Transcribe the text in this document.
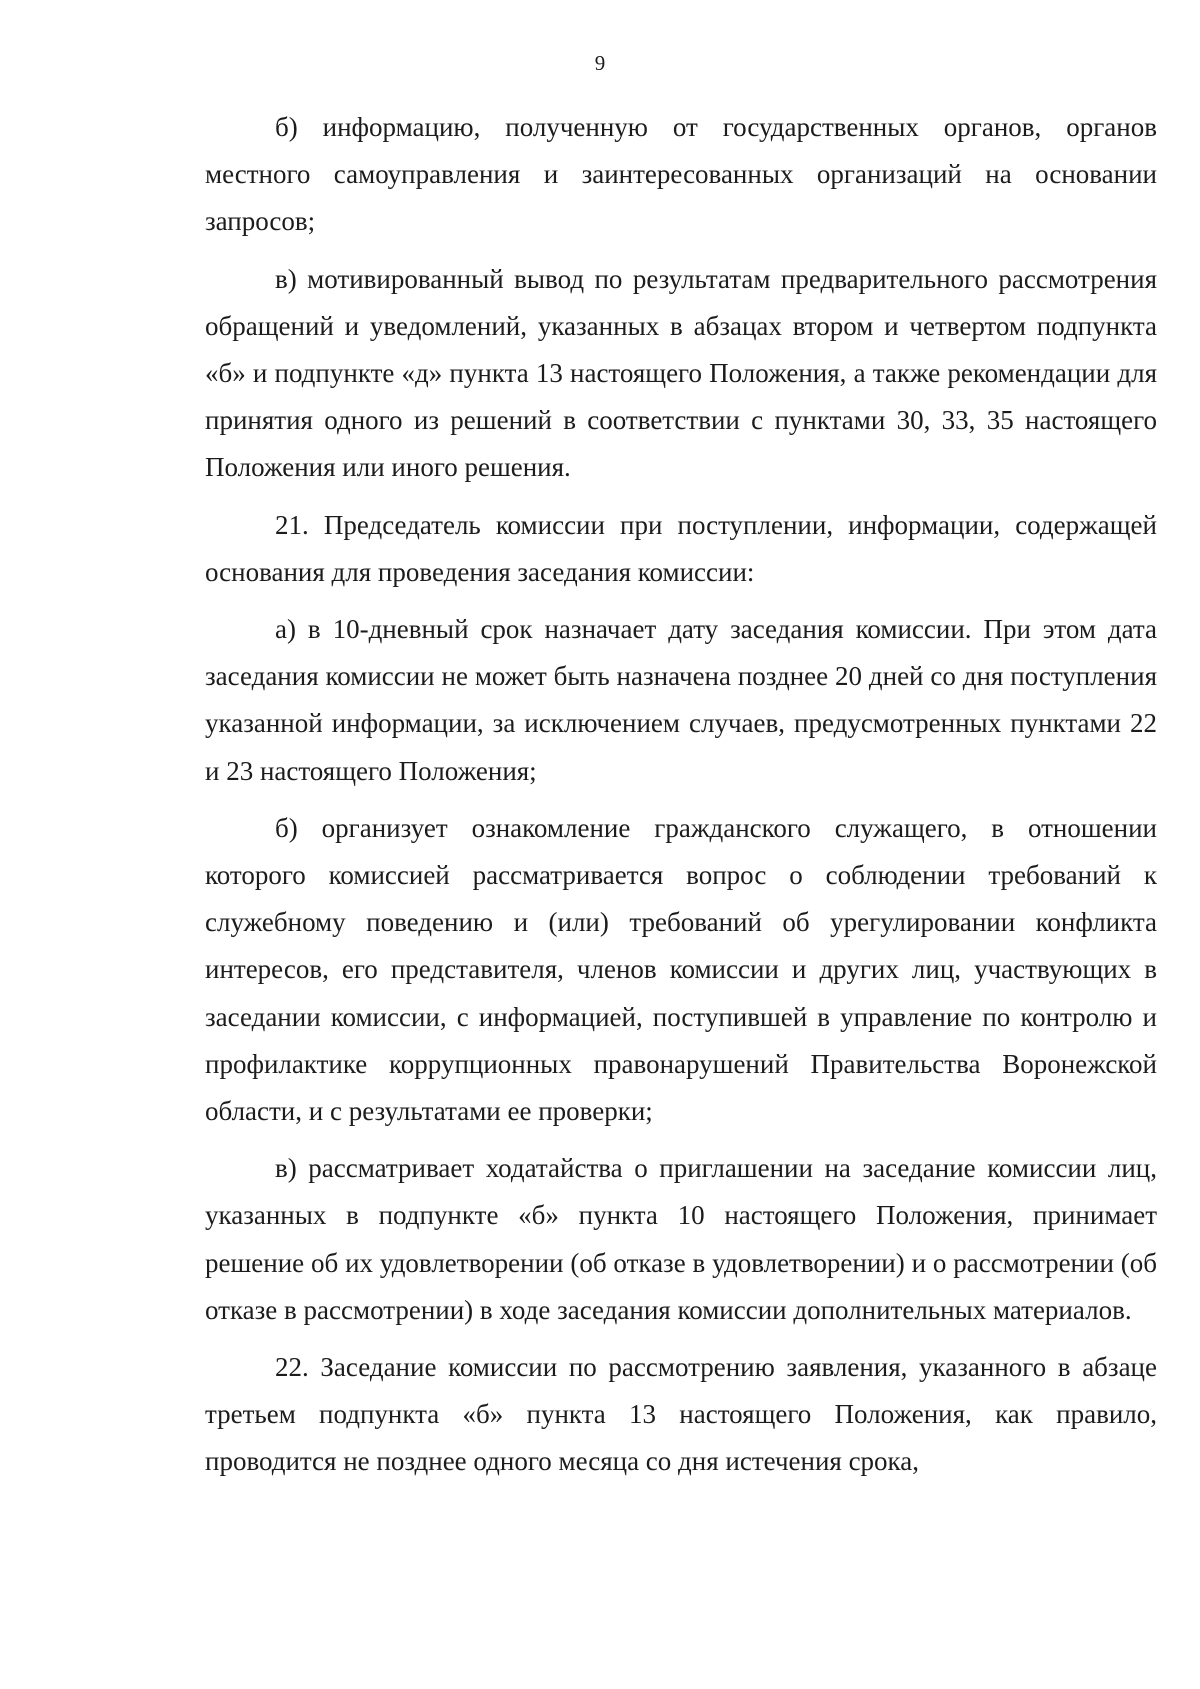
9

б) информацию, полученную от государственных органов, органов местного самоуправления и заинтересованных организаций на основании запросов;

в) мотивированный вывод по результатам предварительного рассмотрения обращений и уведомлений, указанных в абзацах втором и четвертом подпункта «б» и подпункте «д» пункта 13 настоящего Положения, а также рекомендации для принятия одного из решений в соответствии с пунктами 30, 33, 35 настоящего Положения или иного решения.

21. Председатель комиссии при поступлении, информации, содержащей основания для проведения заседания комиссии:

а) в 10-дневный срок назначает дату заседания комиссии. При этом дата заседания комиссии не может быть назначена позднее 20 дней со дня поступления указанной информации, за исключением случаев, предусмотренных пунктами 22 и 23 настоящего Положения;

б) организует ознакомление гражданского служащего, в отношении которого комиссией рассматривается вопрос о соблюдении требований к служебному поведению и (или) требований об урегулировании конфликта интересов, его представителя, членов комиссии и других лиц, участвующих в заседании комиссии, с информацией, поступившей в управление по контролю и профилактике коррупционных правонарушений Правительства Воронежской области, и с результатами ее проверки;

в) рассматривает ходатайства о приглашении на заседание комиссии лиц, указанных в подпункте «б» пункта 10 настоящего Положения, принимает решение об их удовлетворении (об отказе в удовлетворении) и о рассмотрении (об отказе в рассмотрении) в ходе заседания комиссии дополнительных материалов.

22. Заседание комиссии по рассмотрению заявления, указанного в абзаце третьем подпункта «б» пункта 13 настоящего Положения, как правило, проводится не позднее одного месяца со дня истечения срока,
